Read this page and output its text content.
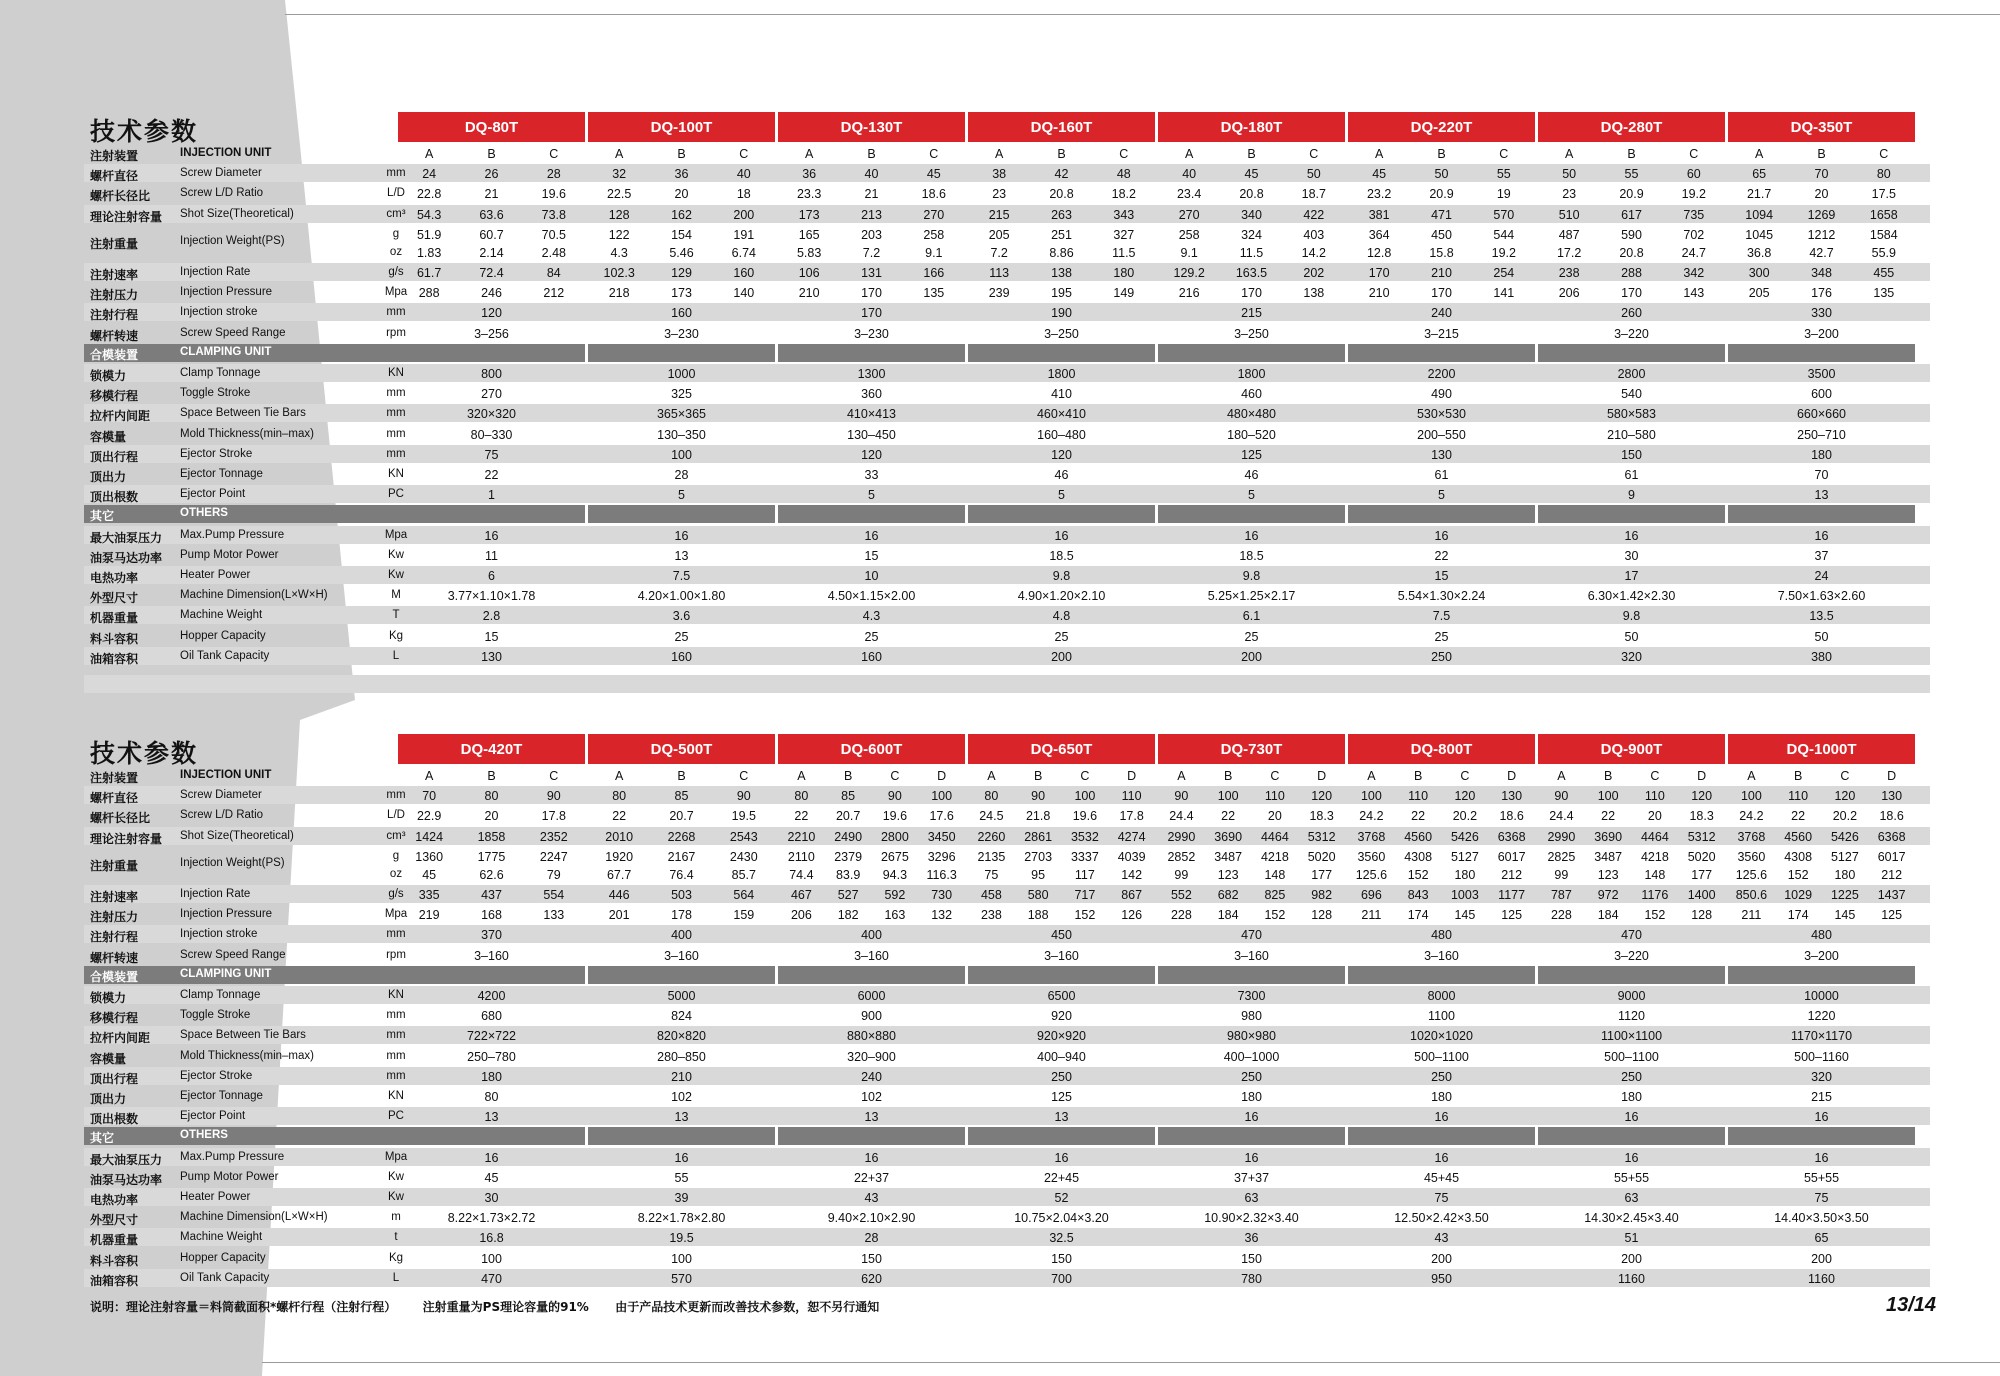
技术参数	DQ-80T	DQ-100T	DQ-130T	DQ-160T	DQ-180T	DQ-220T	DQ-280T	DQ-350T
注射装置	INJECTION UNIT	A	B	C	A	B	C	A	B	C	A	B	C	A	B	C	A	B	C	A	B	C	A	B	C
螺杆直径	Screw Diameter	mm	24	26	28	32	36	40	36	40	45	38	42	48	40	45	50	45	50	55	50	55	60	65	70	80
螺杆长径比	Screw L/D Ratio	L/D 22.8	21	19.6	22.5	20	18	23.3	21	18.6	23	20.8	18.2	23.4	20.8	18.7	23.2	20.9	19	23	20.9	19.2	21.7	20	17.5
理论注射容量	Shot Size(Theoretical)	cm³ 54.3	63.6	73.8	128	162	200	173	213	270	215	263	343	270	340	422	381	471	570	510	617	735	1094	1269	1658
注射重量	Injection Weight(PS)
g	51.9	60.7	70.5	122	154	191	165	203	258	205	251	327	258	324	403	364	450	544	487	590	702	1045	1212	1584
oz	1.83	2.14	2.48	4.3	5.46	6.74	5.83	7.2	9.1	7.2	8.86	11.5	9.1	11.5	14.2	12.8	15.8	19.2	17.2	20.8	24.7	36.8	42.7	55.9
注射速率	Injection Rate	g/s	61.7	72.4	84	102.3	129	160	106	131	166	113	138	180	129.2	163.5	202	170	210	254	238	288	342	300	348	455
注射压力	Injection Pressure	Mpa 288	246	212	218	173	140	210	170	135	239	195	149	216	170	138	210	170	141	206	170	143	205	176	135
注射行程	Injection stroke	mm	120	160	170	190	215	240	260	330
螺杆转速	Screw Speed Range	rpm	3–256	3–230	3–230	3–250	3–250	3–215	3–220	3–200
合模装置	CLAMPING UNIT
锁模力	Clamp Tonnage	KN	800	1000	1300	1800	1800	2200	2800	3500
移模行程	Toggle Stroke	mm	270	325	360	410	460	490	540	600
拉杆内间距	Space Between Tie Bars	mm	320×320	365×365	410×413	460×410	480×480	530×530	580×583	660×660
容模量	Mold Thickness(min–max)	mm	80–330	130–350	130–450	160–480	180–520	200–550	210–580	250–710
顶出行程	Ejector Stroke	mm	75	100	120	120	125	130	150	180
顶出力	Ejector Tonnage	KN	22	28	33	46	46	61	61	70
顶出根数	Ejector Point	PC	1	5	5	5	5	5	9	13
其它	OTHERS
最大油泵压力	Max.Pump Pressure	Mpa	16	16	16	16	16	16	16	16
油泵马达功率	Pump Motor Power	Kw	11	13	15	18.5	18.5	22	30	37
电热功率	Heater Power	Kw	6	7.5	10	9.8	9.8	15	17	24
外型尺寸	Machine Dimension(L×W×H)	M	3.77×1.10×1.78	4.20×1.00×1.80	4.50×1.15×2.00	4.90×1.20×2.10	5.25×1.25×2.17	5.54×1.30×2.24	6.30×1.42×2.30	7.50×1.63×2.60
机器重量	Machine Weight	T	2.8	3.6	4.3	4.8	6.1	7.5	9.8	13.5
料斗容积	Hopper Capacity	Kg	15	25	25	25	25	25	50	50
油箱容积	Oil Tank Capacity	L	130	160	160	200	200	250	320	380
技术参数	DQ-420T	DQ-500T	DQ-600T	DQ-650T	DQ-730T	DQ-800T	DQ-900T	DQ-1000T
注射装置	INJECTION UNIT	A	B	C	A	B	C	A	B	C	D	A	B	C	D	A	B	C	D	A	B	C	D	A	B	C	D	A	B	C	D
螺杆直径	Screw Diameter	mm	70	80	90	80	85	90	80	85	90	100	80	90	100	110	90	100	110	120	100	110	120	130	90	100	110	120	100	110	120	130
螺杆长径比	Screw L/D Ratio	L/D 22.9	20	17.8	22	20.7	19.5	22	20.7	19.6	17.6	24.5	21.8	19.6	17.8	24.4	22	20	18.3	24.2	22	20.2	18.6	24.4	22	20	18.3	24.2	22	20.2	18.6
理论注射容量	Shot Size(Theoretical)	cm³ 1424	1858	2352	2010	2268	2543	2210	2490	2800	3450	2260	2861	3532	4274	2990	3690	4464	5312	3768	4560	5426	6368	2990	3690	4464	5312	3768	4560	5426	6368
注射重量	Injection Weight(PS)
g	1360	1775	2247	1920	2167	2430	2110	2379	2675	3296	2135	2703	3337	4039	2852	3487	4218	5020	3560	4308	5127	6017	2825	3487	4218	5020	3560	4308	5127	6017
oz	45	62.6	79	67.7	76.4	85.7	74.4	83.9	94.3	116.3	75	95	117	142	99	123	148	177	125.6	152	180	212	99	123	148	177	125.6	152	180	212
注射速率	Injection Rate	g/s	335	437	554	446	503	564	467	527	592	730	458	580	717	867	552	682	825	982	696	843	1003	1177	787	972	1176	1400	850.6	1029	1225	1437
注射压力	Injection Pressure	Mpa 219	168	133	201	178	159	206	182	163	132	238	188	152	126	228	184	152	128	211	174	145	125	228	184	152	128	211	174	145	125
注射行程	Injection stroke	mm	370	400	400	450	470	480	470	480
螺杆转速	Screw Speed Range	rpm	3–160	3–160	3–160	3–160	3–160	3–160	3–220	3–200
合模装置	CLAMPING UNIT
锁模力	Clamp Tonnage	KN	4200	5000	6000	6500	7300	8000	9000	10000
移模行程	Toggle Stroke	mm	680	824	900	920	980	1100	1120	1220
拉杆内间距	Space Between Tie Bars	mm	722×722	820×820	880×880	920×920	980×980	1020×1020	1100×1100	1170×1170
容模量	Mold Thickness(min–max)	mm	250–780	280–850	320–900	400–940	400–1000	500–1100	500–1100	500–1160
顶出行程	Ejector Stroke	mm	180	210	240	250	250	250	250	320
顶出力	Ejector Tonnage	KN	80	102	102	125	180	180	180	215
顶出根数	Ejector Point	PC	13	13	13	13	16	16	16	16
其它	OTHERS
最大油泵压力	Max.Pump Pressure	Mpa	16	16	16	16	16	16	16	16
油泵马达功率	Pump Motor Power	Kw	45	55	22+37	22+45	37+37	45+45	55+55	55+55
电热功率	Heater Power	Kw	30	39	43	52	63	75	63	75
外型尺寸	Machine Dimension(L×W×H)	m	8.22×1.73×2.72	8.22×1.78×2.80	9.40×2.10×2.90	10.75×2.04×3.20	10.90×2.32×3.40	12.50×2.42×3.50	14.30×2.45×3.40	14.40×3.50×3.50
机器重量	Machine Weight	t	16.8	19.5	28	32.5	36	43	51	65
料斗容积	Hopper Capacity	Kg	100	100	150	150	150	200	200	200
油箱容积	Oil Tank Capacity	L	470	570	620	700	780	950	1160	1160
说明：理论注射容量＝料筒截面积*螺杆行程（注射行程） 注射重量为PS理论容量的91% 由于产品技术更新而改善技术参数，恕不另行通知	13/14
